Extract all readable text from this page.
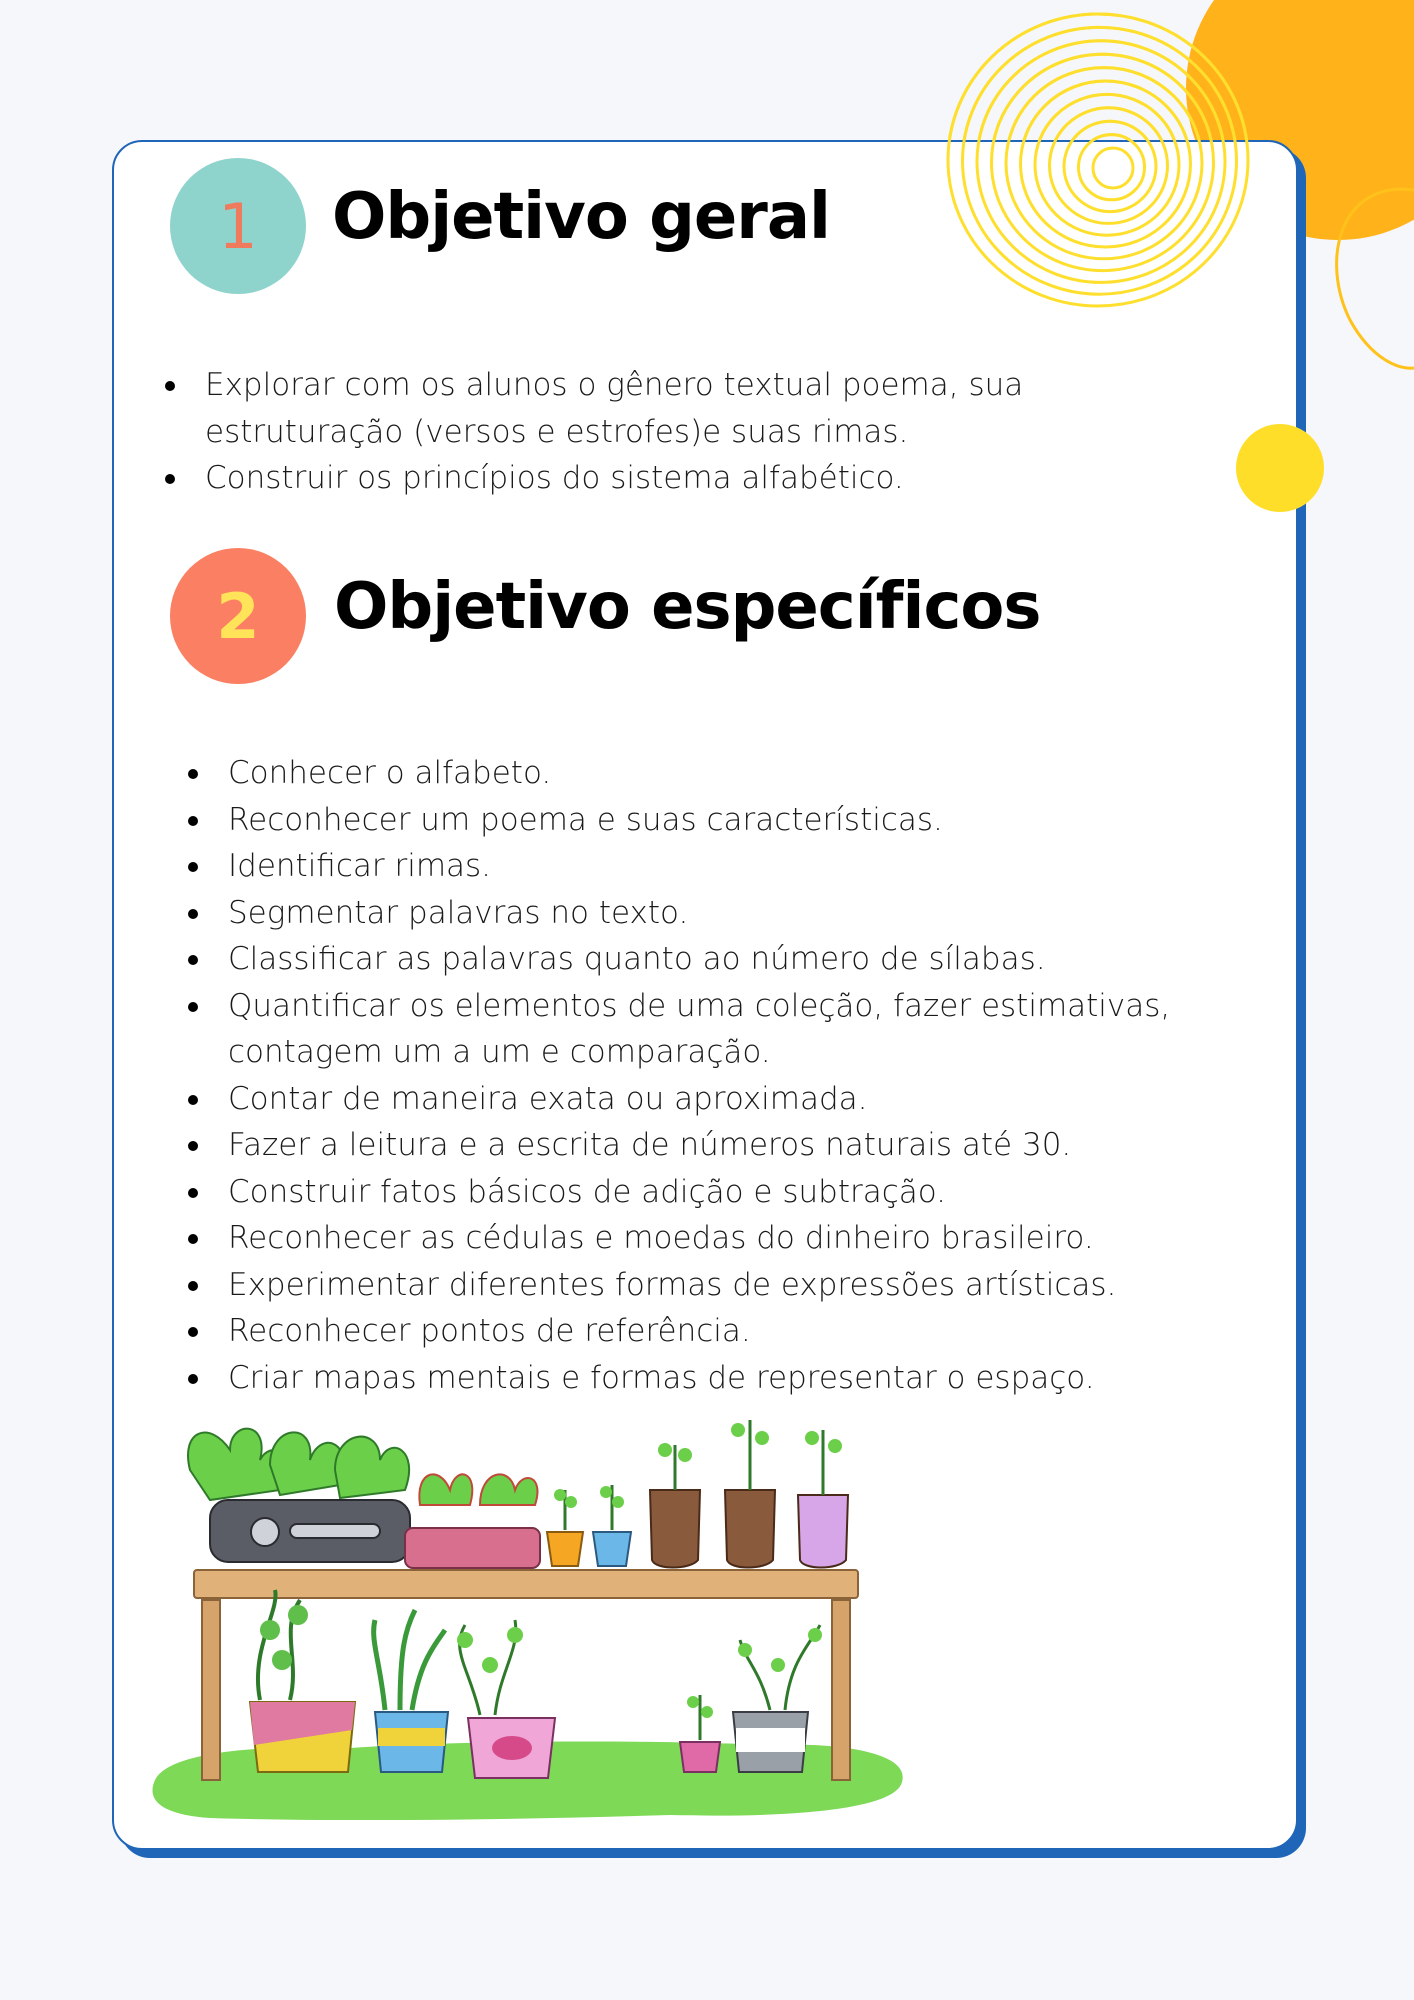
1 Objetivo geral
Explorar com os alunos o gênero textual poema, sua estruturação (versos e estrofes)e suas rimas.
Construir os princípios do sistema alfabético.
2 Objetivo específicos
Conhecer o alfabeto.
Reconhecer um poema e suas características.
Identificar rimas.
Segmentar palavras no texto.
Classificar as palavras quanto ao número de sílabas.
Quantificar os elementos de uma coleção, fazer estimativas, contagem um a um e comparação.
Contar de maneira exata ou aproximada.
Fazer a leitura e a escrita de números naturais até 30.
Construir fatos básicos de adição e subtração.
Reconhecer as cédulas e moedas do dinheiro brasileiro.
Experimentar diferentes formas de expressões artísticas.
Reconhecer pontos de referência.
Criar mapas mentais e formas de representar o espaço.
